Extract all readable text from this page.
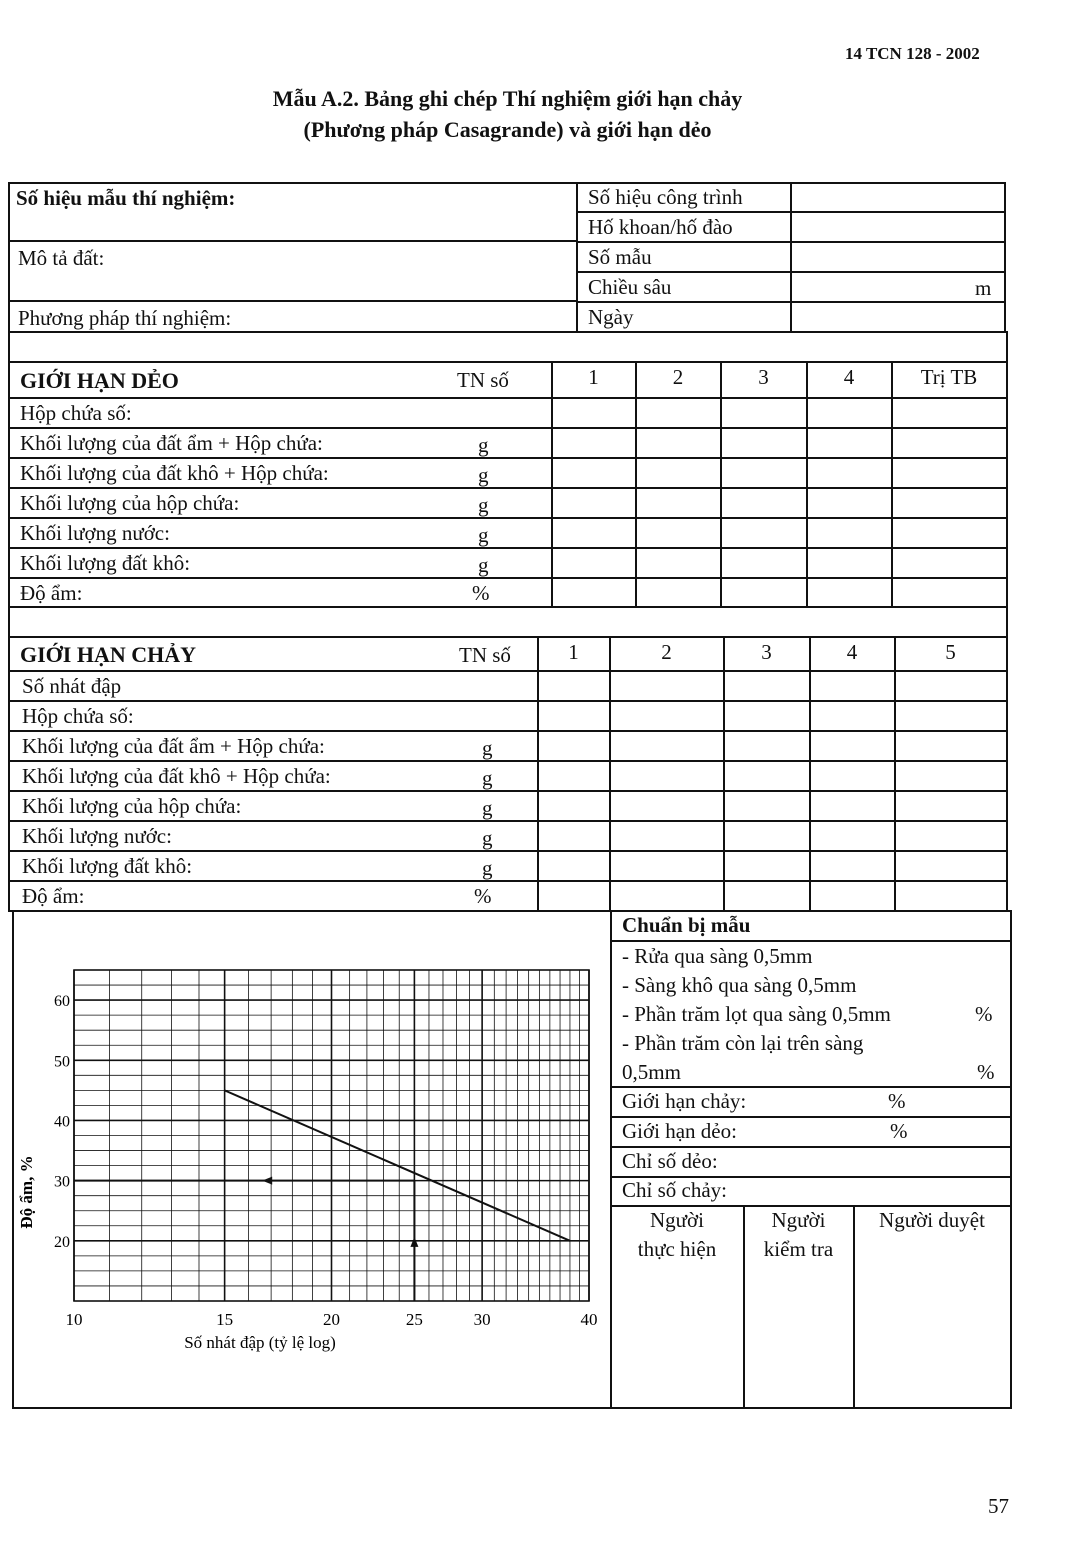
14 TCN 128 - 2002
Mẫu A.2. Bảng ghi chép Thí nghiệm giới hạn chảy
(Phương pháp Casagrande) và giới hạn dẻo
Số hiệu mẫu thí nghiệm:
Mô tả đất:
Phương pháp thí nghiệm:
Số hiệu công trình
Hố khoan/hố đào
Số mẫu
Chiều sâu	m
Ngày
GIỚI HẠN DẺO	TN số	1	2	3	4	Trị TB
Hộp chứa số:
Khối lượng của đất ẩm + Hộp chứa:	g
Khối lượng của đất khô + Hộp chứa:	g
Khối lượng của hộp chứa:	g
Khối lượng nước:	g
Khối lượng đất khô:	g
Độ ẩm:	%
GIỚI HẠN CHẢY	TN số	1	2	3	4	5
Số nhát đập
Hộp chứa số:
Khối lượng của đất ẩm + Hộp chứa:	g
Khối lượng của đất khô + Hộp chứa:	g
Khối lượng của hộp chứa:	g
Khối lượng nước:	g
Khối lượng đất khô:	g
Độ ẩm:	%
Chuẩn bị mẫu
- Rửa qua sàng 0,5mm
- Sàng khô qua sàng 0,5mm
- Phần trăm lọt qua sàng 0,5mm	%
- Phần trăm còn lại trên sàng
0,5mm	%
Giới hạn chảy:	%
Giới hạn dẻo:	%
Chỉ số dẻo:
Chỉ số chảy:
Người
thực hiện
Người
kiểm tra
Người duyệt
10	15	20	25	30	40
20
30
40
50
60
Số nhát đập (tỷ lệ log)
Độ ẩm, %
57
